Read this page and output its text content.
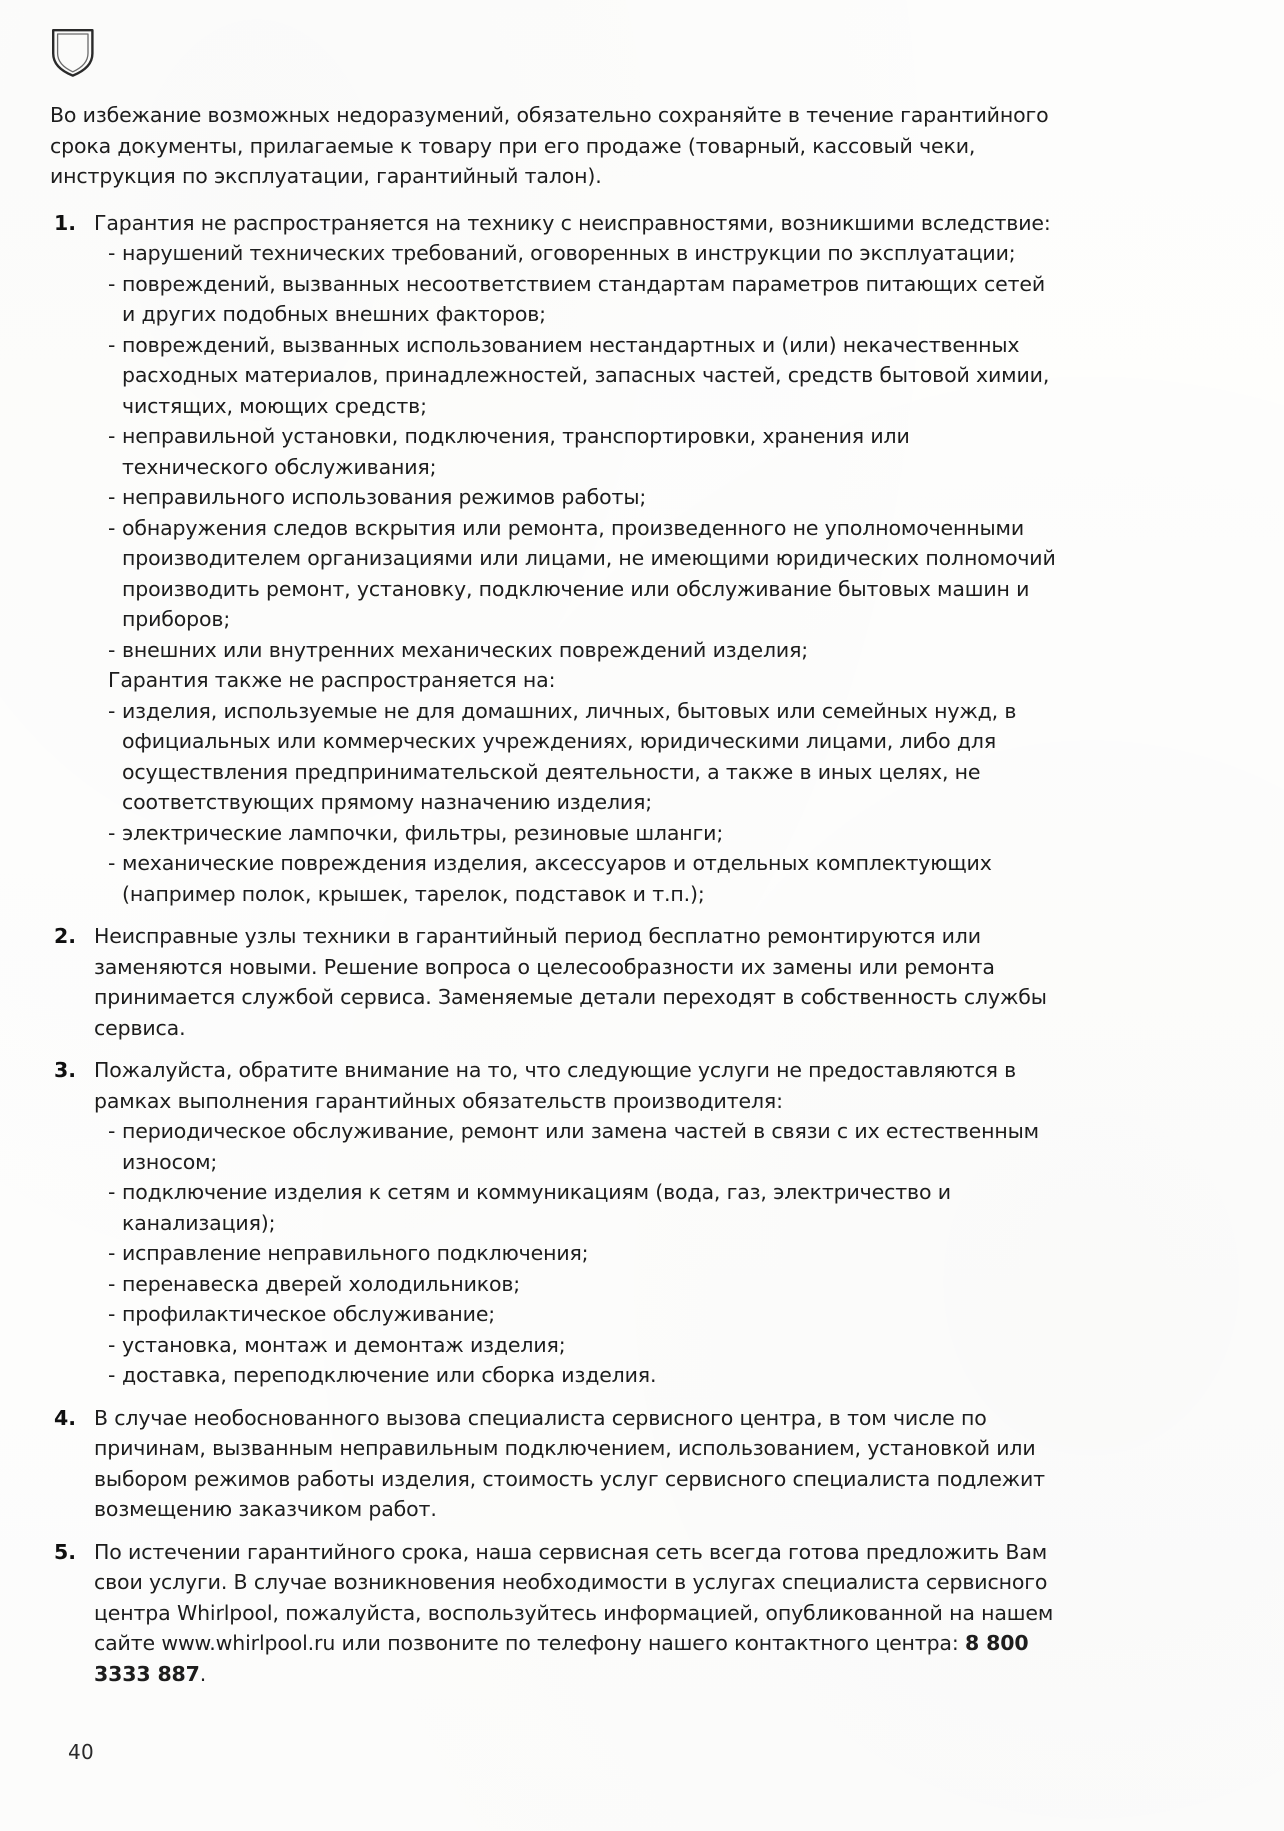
Во избежание возможных недоразумений, обязательно сохраняйте в течение гарантийного срока документы, прилагаемые к товару при его продаже (товарный, кассовый чеки, инструкция по эксплуатации, гарантийный талон).

1. Гарантия не распространяется на технику с неисправностями, возникшими вследствие:

- нарушений технических требований, оговоренных в инструкции по эксплуатации;
- повреждений, вызванных несоответствием стандартам параметров питающих сетей и других подобных внешних факторов;
- повреждений, вызванных использованием нестандартных и (или) некачественных расходных материалов, принадлежностей, запасных частей, средств бытовой химии, чистящих, моющих средств;
- неправильной установки, подключения, транспортировки, хранения или технического обслуживания;
- неправильного использования режимов работы;
- обнаружения следов вскрытия или ремонта, произведенного не уполномоченными производителем организациями или лицами, не имеющими юридических полномочий производить ремонт, установку, подключение или обслуживание бытовых машин и приборов;
- внешних или внутренних механических повреждений изделия;
Гарантия также не распространяется на:
- изделия, используемые не для домашних, личных, бытовых или семейных нужд, в официальных или коммерческих учреждениях, юридическими лицами, либо для осуществления предпринимательской деятельности, а также в иных целях, не соответствующих прямому назначению изделия;
- электрические лампочки, фильтры, резиновые шланги;
- механические повреждения изделия, аксессуаров и отдельных комплектующих (например полок, крышек, тарелок, подставок и т.п.);
2. Неисправные узлы техники в гарантийный период бесплатно ремонтируются или заменяются новыми. Решение вопроса о целесообразности их замены или ремонта принимается службой сервиса. Заменяемые детали переходят в собственность службы сервиса.

3. Пожалуйста, обратите внимание на то, что следующие услуги не предоставляются в рамках выполнения гарантийных обязательств производителя:

- периодическое обслуживание, ремонт или замена частей в связи с их естественным износом;
- подключение изделия к сетям и коммуникациям (вода, газ, электричество и канализация);
- исправление неправильного подключения;
- перенавеска дверей холодильников;
- профилактическое обслуживание;
- установка, монтаж и демонтаж изделия;
- доставка, переподключение или сборка изделия.
4. В случае необоснованного вызова специалиста сервисного центра, в том числе по причинам, вызванным неправильным подключением, использованием, установкой или выбором режимов работы изделия, стоимость услуг сервисного специалиста подлежит возмещению заказчиком работ.

5. По истечении гарантийного срока, наша сервисная сеть всегда готова предложить Вам свои услуги. В случае возникновения необходимости в услугах специалиста сервисного центра Whirlpool, пожалуйста, воспользуйтесь информацией, опубликованной на нашем сайте www.whirlpool.ru или позвоните по телефону нашего контактного центра: 8 800 3333 887.

40
